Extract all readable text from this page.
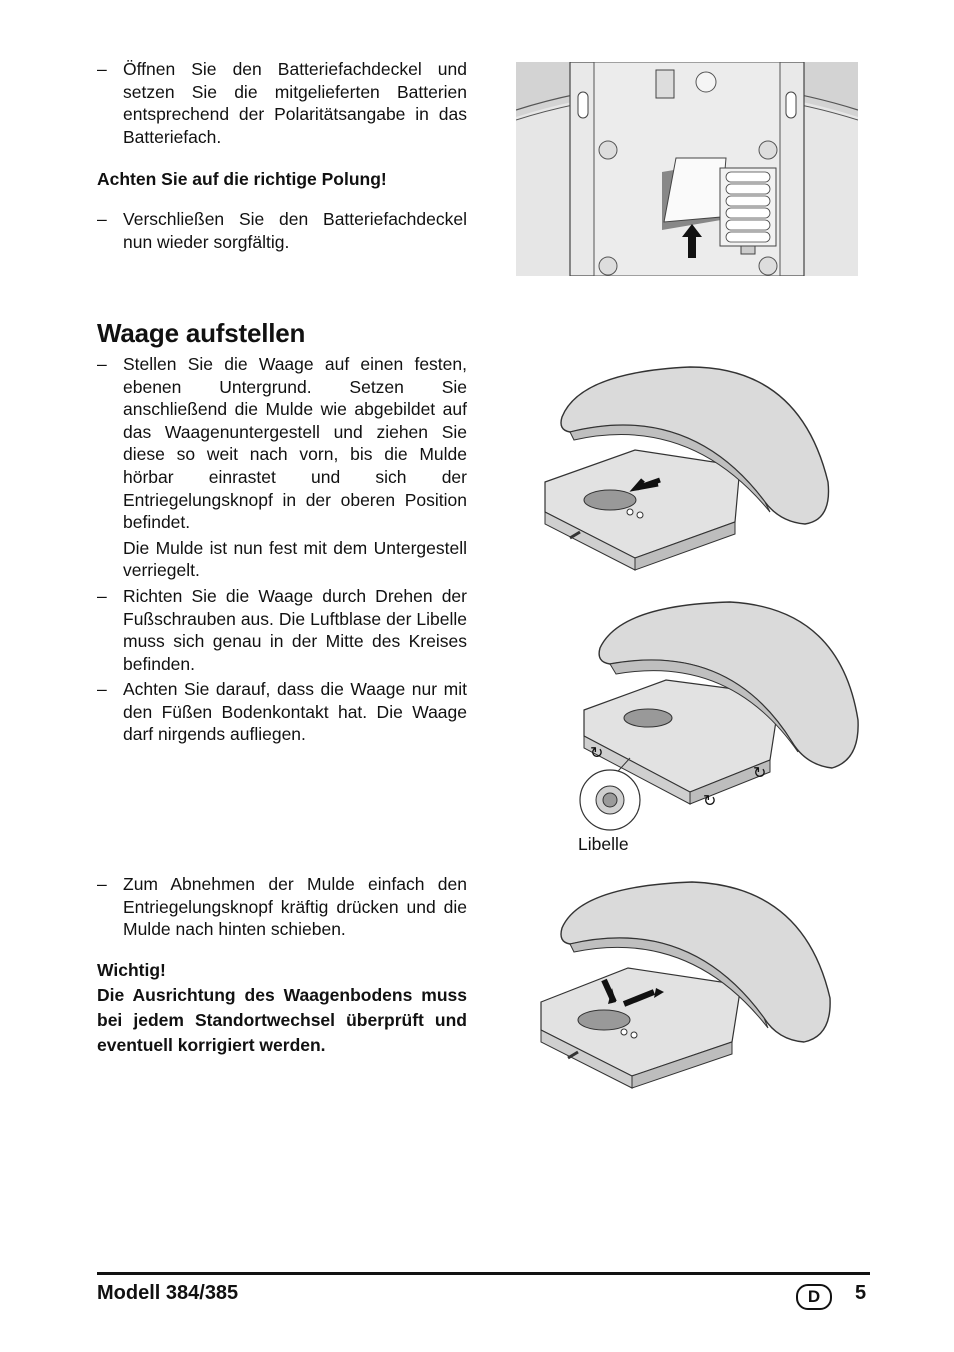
– Öffnen Sie den Batteriefachdeckel und setzen Sie die mitgelieferten Batterien entsprechend der Polaritätsangabe in das Batteriefach.

Achten Sie auf die richtige Polung!
– Verschließen Sie den Batteriefachdeckel nun wieder sorgfältig.

Waage aufstellen
– Stellen Sie die Waage auf einen festen, ebenen Untergrund. Setzen Sie anschließend die Mulde wie abgebildet auf das Waagenuntergestell und ziehen Sie diese so weit nach vorn, bis die Mulde hörbar einrastet und sich der Entriegelungsknopf in der oberen Position befindet.

Die Mulde ist nun fest mit dem Untergestell verriegelt.

– Richten Sie die Waage durch Drehen der Fußschrauben aus. Die Luftblase der Libelle muss sich genau in der Mitte des Kreises befinden.

– Achten Sie darauf, dass die Waage nur mit den Füßen Bodenkontakt hat. Die Waage darf nirgends aufliegen.

– Zum Abnehmen der Mulde einfach den Entriegelungsknopf kräftig drücken und die Mulde nach hinten schieben.

Wichtig!
Die Ausrichtung des Waagenbodens muss bei jedem Standortwechsel überprüft und eventuell korrigiert werden.
↻
↻
↻
Libelle
Modell 384/385	D	5
